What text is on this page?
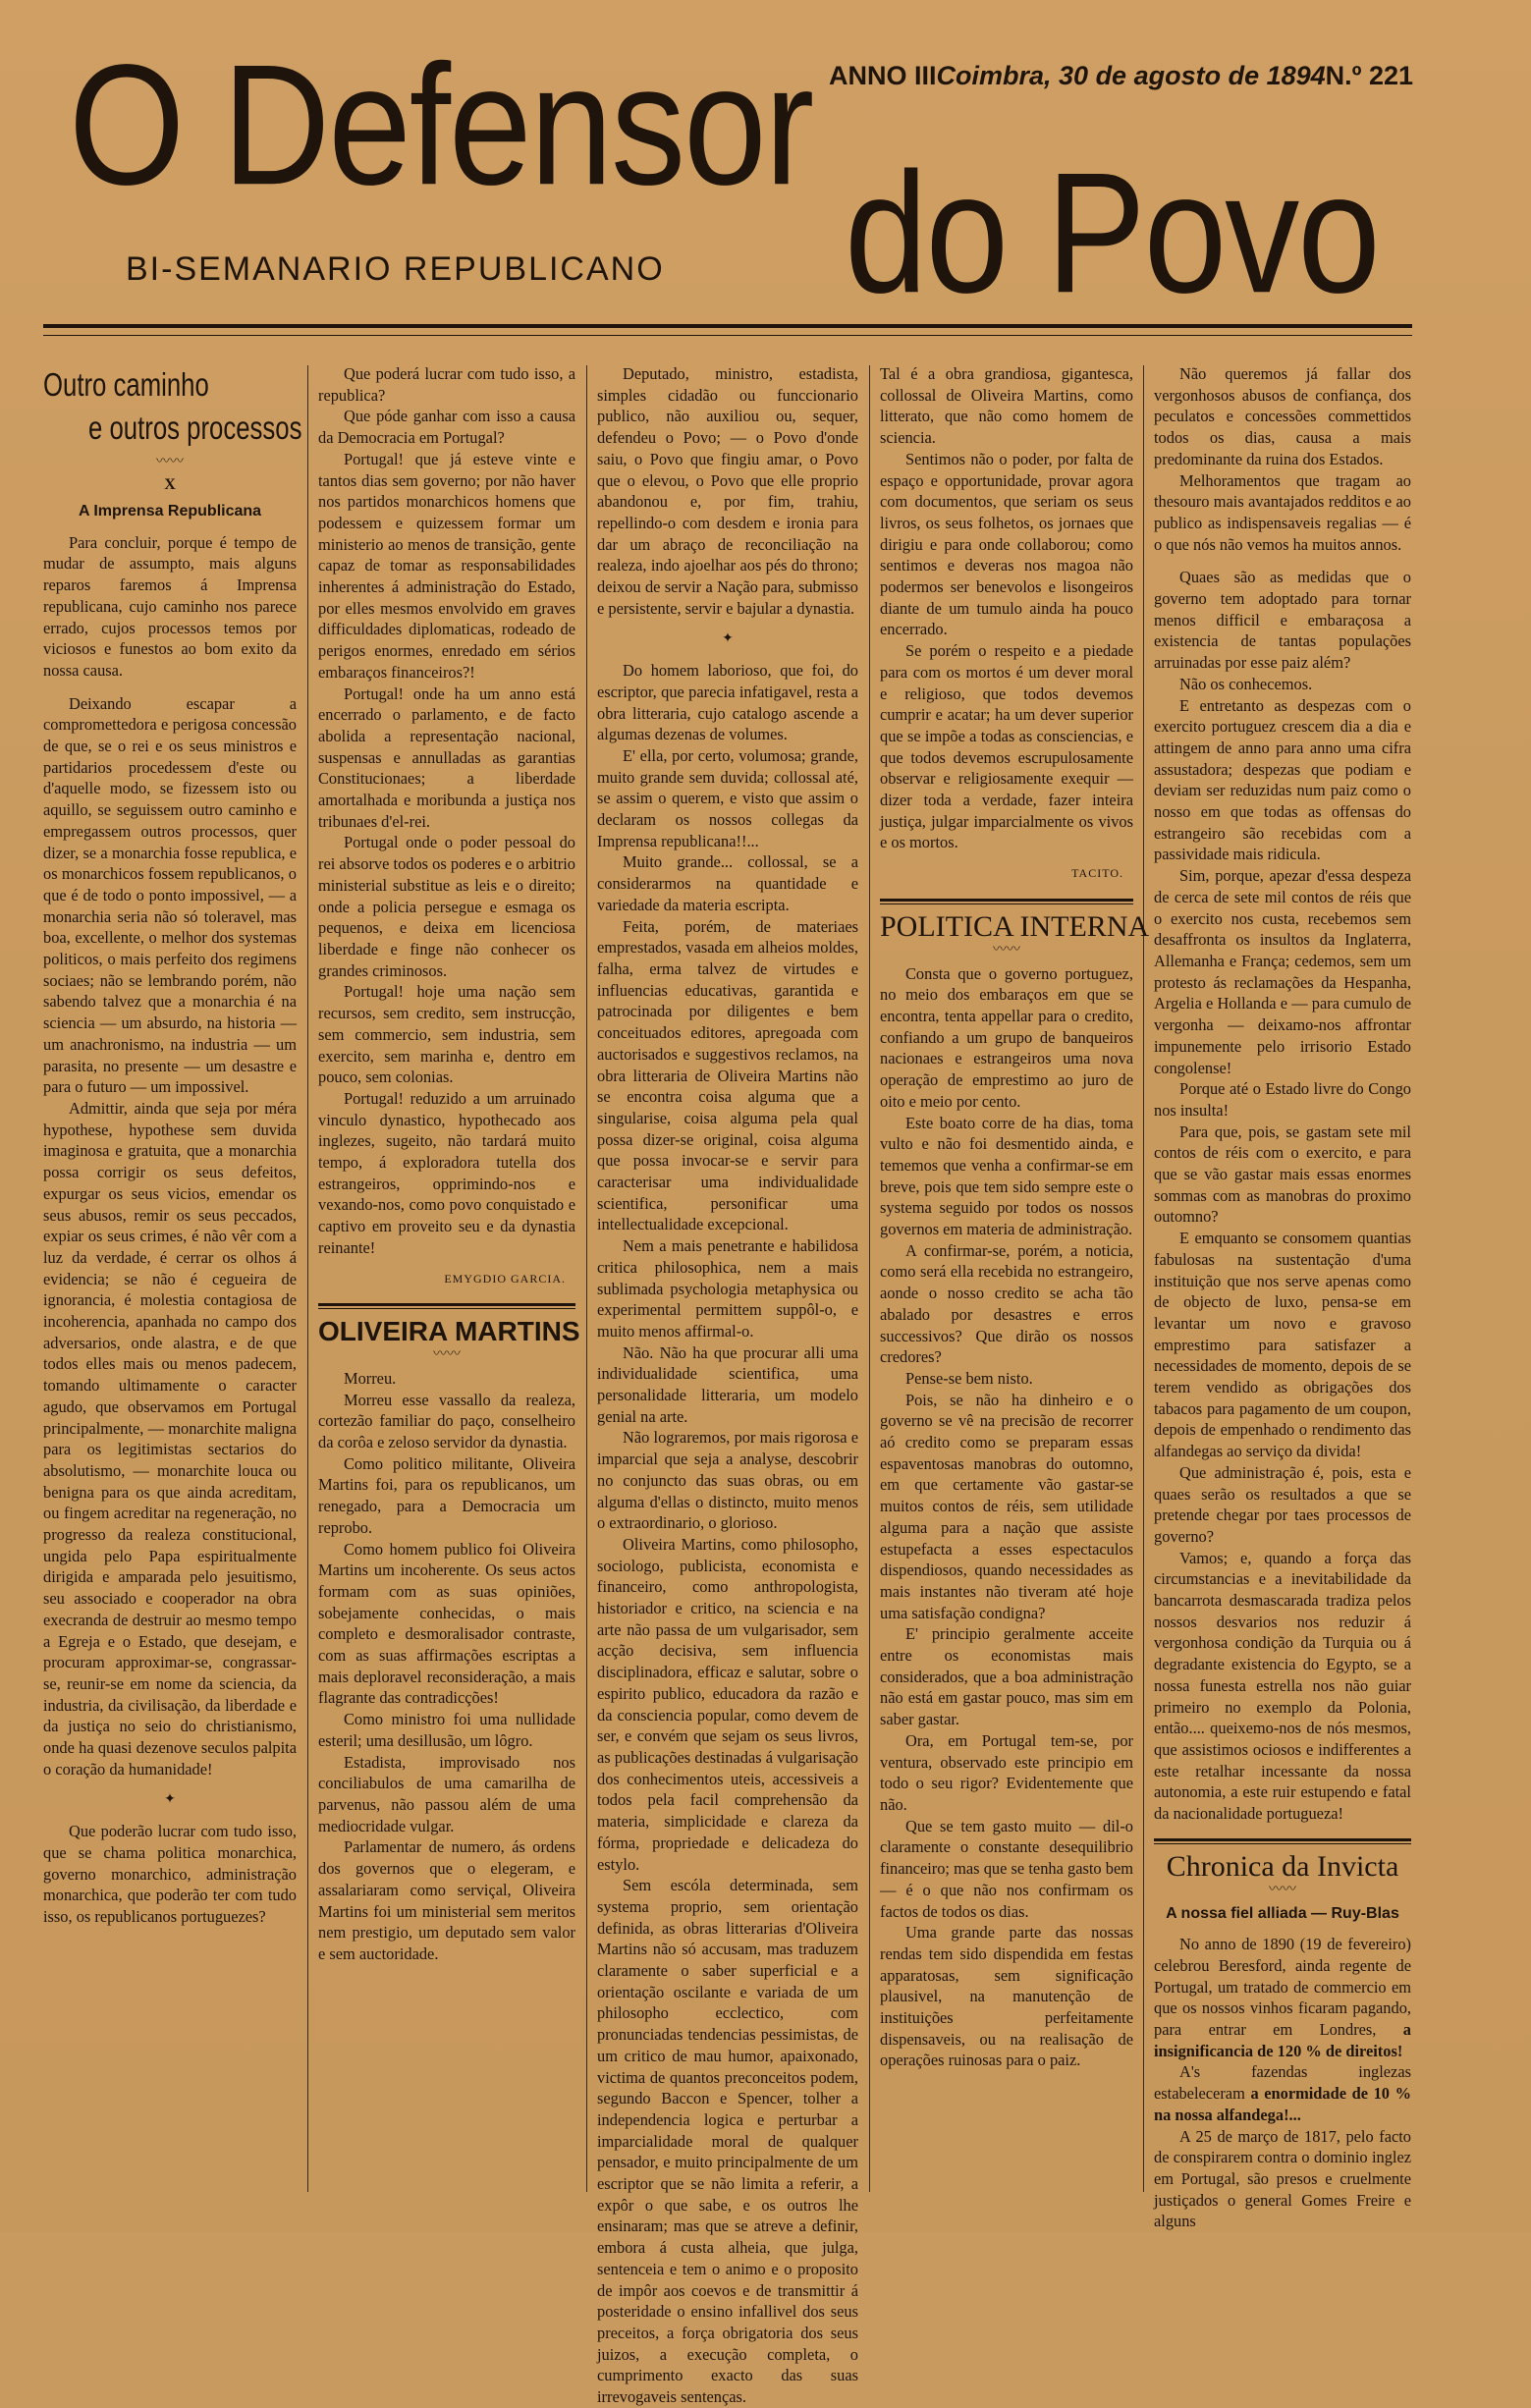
O Defensor
do Povo
BI-SEMANARIO REPUBLICANO
ANNO III Coimbra, 30 de agosto de 1894 N.º 221
Outro caminho
e outros processos
〰〰
X
A Imprensa Republicana

Para concluir, porque é tempo de mudar de assumpto, mais alguns reparos faremos á Imprensa republicana, cujo caminho nos parece errado, cujos processos temos por viciosos e funestos ao bom exito da nossa causa.

Deixando escapar a compromettedora e perigosa concessão de que, se o rei e os seus ministros e partidarios procedessem d'este ou d'aquelle modo, se fizessem isto ou aquillo, se seguissem outro caminho e empregassem outros processos, quer dizer, se a monarchia fosse republica, e os monarchicos fossem republicanos, o que é de todo o ponto impossivel, — a monarchia seria não só toleravel, mas boa, excellente, o melhor dos systemas politicos, o mais perfeito dos regimens sociaes; não se lembrando porém, não sabendo talvez que a monarchia é na sciencia — um absurdo, na historia — um anachronismo, na industria — um parasita, no presente — um desastre e para o futuro — um impossivel.

Admittir, ainda que seja por méra hypothese, hypothese sem duvida imaginosa e gratuita, que a monarchia possa corrigir os seus defeitos, expurgar os seus vicios, emendar os seus abusos, remir os seus peccados, expiar os seus crimes, é não vêr com a luz da verdade, é cerrar os olhos á evidencia; se não é cegueira de ignorancia, é molestia contagiosa de incoherencia, apanhada no campo dos adversarios, onde alastra, e de que todos elles mais ou menos padecem, tomando ultimamente o caracter agudo, que observamos em Portugal principalmente, — monarchite maligna para os legitimistas sectarios do absolutismo, — monarchite louca ou benigna para os que ainda acreditam, ou fingem acreditar na regeneração, no progresso da realeza constitucional, ungida pelo Papa espiritualmente dirigida e amparada pelo jesuitismo, seu associado e cooperador na obra execranda de destruir ao mesmo tempo a Egreja e o Estado, que desejam, e procuram approximar-se, congrassar-se, reunir-se em nome da sciencia, da industria, da civilisação, da liberdade e da justiça no seio do christianismo, onde ha quasi dezenove seculos palpita o coração da humanidade!

✦

Que poderão lucrar com tudo isso, que se chama politica monarchica, governo monarchico, administração monarchica, que poderão ter com tudo isso, os republicanos portuguezes?

Que poderá lucrar com tudo isso, a republica?

Que póde ganhar com isso a causa da Democracia em Portugal?

Portugal! que já esteve vinte e tantos dias sem governo; por não haver nos partidos monarchicos homens que podessem e quizessem formar um ministerio ao menos de transição, gente capaz de tomar as responsabilidades inherentes á administração do Estado, por elles mesmos envolvido em graves difficuldades diplomaticas, rodeado de perigos enormes, enredado em sérios embaraços financeiros?!

Portugal! onde ha um anno está encerrado o parlamento, e de facto abolida a representação nacional, suspensas e annulladas as garantias Constitucionaes; a liberdade amortalhada e moribunda a justiça nos tribunaes d'el-rei.

Portugal onde o poder pessoal do rei absorve todos os poderes e o arbitrio ministerial substitue as leis e o direito; onde a policia persegue e esmaga os pequenos, e deixa em licenciosa liberdade e finge não conhecer os grandes criminosos.

Portugal! hoje uma nação sem recursos, sem credito, sem instrucção, sem commercio, sem industria, sem exercito, sem marinha e, dentro em pouco, sem colonias.

Portugal! reduzido a um arruinado vinculo dynastico, hypothecado aos inglezes, sugeito, não tardará muito tempo, á exploradora tutella dos estrangeiros, opprimindo-nos e vexando-nos, como povo conquistado e captivo em proveito seu e da dynastia reinante!

EMYGDIO GARCIA.
OLIVEIRA MARTINS
〰〰

Morreu.

Morreu esse vassallo da realeza, cortezão familiar do paço, conselheiro da corôa e zeloso servidor da dynastia.

Como politico militante, Oliveira Martins foi, para os republicanos, um renegado, para a Democracia um reprobo.

Como homem publico foi Oliveira Martins um incoherente. Os seus actos formam com as suas opiniões, sobejamente conhecidas, o mais completo e desmoralisador contraste, com as suas affirmações escriptas a mais deploravel reconsideração, a mais flagrante das contradicções!

Como ministro foi uma nullidade esteril; uma desillusão, um lôgro.

Estadista, improvisado nos conciliabulos de uma camarilha de parvenus, não passou além de uma mediocridade vulgar.

Parlamentar de numero, ás ordens dos governos que o elegeram, e assalariaram como serviçal, Oliveira Martins foi um ministerial sem meritos nem prestigio, um deputado sem valor e sem auctoridade.

Deputado, ministro, estadista, simples cidadão ou funccionario publico, não auxiliou ou, sequer, defendeu o Povo; — o Povo d'onde saiu, o Povo que fingiu amar, o Povo que o elevou, o Povo que elle proprio abandonou e, por fim, trahiu, repellindo-o com desdem e ironia para dar um abraço de reconciliação na realeza, indo ajoelhar aos pés do throno; deixou de servir a Nação para, submisso e persistente, servir e bajular a dynastia.

✦

Do homem laborioso, que foi, do escriptor, que parecia infatigavel, resta a obra litteraria, cujo catalogo ascende a algumas dezenas de volumes.

E' ella, por certo, volumosa; grande, muito grande sem duvida; collossal até, se assim o querem, e visto que assim o declaram os nossos collegas da Imprensa republicana!!...

Muito grande... collossal, se a considerarmos na quantidade e variedade da materia escripta.

Feita, porém, de materiaes emprestados, vasada em alheios moldes, falha, erma talvez de virtudes e influencias educativas, garantida e patrocinada por diligentes e bem conceituados editores, apregoada com auctorisados e suggestivos reclamos, na obra litteraria de Oliveira Martins não se encontra coisa alguma que a singularise, coisa alguma pela qual possa dizer-se original, coisa alguma que possa invocar-se e servir para caracterisar uma individualidade scientifica, personificar uma intellectualidade excepcional.

Nem a mais penetrante e habilidosa critica philosophica, nem a mais sublimada psychologia metaphysica ou experimental permittem suppôl-o, e muito menos affirmal-o.

Não. Não ha que procurar alli uma individualidade scientifica, uma personalidade litteraria, um modelo genial na arte.

Não lograremos, por mais rigorosa e imparcial que seja a analyse, descobrir no conjuncto das suas obras, ou em alguma d'ellas o distincto, muito menos o extraordinario, o glorioso.

Oliveira Martins, como philosopho, sociologo, publicista, economista e financeiro, como anthropologista, historiador e critico, na sciencia e na arte não passa de um vulgarisador, sem acção decisiva, sem influencia disciplinadora, efficaz e salutar, sobre o espirito publico, educadora da razão e da consciencia popular, como devem de ser, e convém que sejam os seus livros, as publicações destinadas á vulgarisação dos conhecimentos uteis, accessiveis a todos pela facil comprehensão da materia, simplicidade e clareza da fórma, propriedade e delicadeza do estylo.

Sem escóla determinada, sem systema proprio, sem orientação definida, as obras litterarias d'Oliveira Martins não só accusam, mas traduzem claramente o saber superficial e a orientação oscilante e variada de um philosopho ecclectico, com pronunciadas tendencias pessimistas, de um critico de mau humor, apaixonado, victima de quantos preconceitos podem, segundo Baccon e Spencer, tolher a independencia logica e perturbar a imparcialidade moral de qualquer pensador, e muito principalmente de um escriptor que se não limita a referir, a expôr o que sabe, e os outros lhe ensinaram; mas que se atreve a definir, embora á custa alheia, que julga, sentenceia e tem o animo e o proposito de impôr aos coevos e de transmittir á posteridade o ensino infallivel dos seus preceitos, a força obrigatoria dos seus juizos, a execução completa, o cumprimento exacto das suas irrevogaveis sentenças.

Tal é a obra grandiosa, gigantesca, collossal de Oliveira Martins, como litterato, que não como homem de sciencia.

Sentimos não o poder, por falta de espaço e opportunidade, provar agora com documentos, que seriam os seus livros, os seus folhetos, os jornaes que dirigiu e para onde collaborou; como sentimos e deveras nos magoa não podermos ser benevolos e lisongeiros diante de um tumulo ainda ha pouco encerrado.

Se porém o respeito e a piedade para com os mortos é um dever moral e religioso, que todos devemos cumprir e acatar; ha um dever superior que se impõe a todas as consciencias, e que todos devemos escrupulosamente observar e religiosamente exequir — dizer toda a verdade, fazer inteira justiça, julgar imparcialmente os vivos e os mortos.

TACITO.
POLITICA INTERNA
〰〰

Consta que o governo portuguez, no meio dos embaraços em que se encontra, tenta appellar para o credito, confiando a um grupo de banqueiros nacionaes e estrangeiros uma nova operação de emprestimo ao juro de oito e meio por cento.

Este boato corre de ha dias, toma vulto e não foi desmentido ainda, e tememos que venha a confirmar-se em breve, pois que tem sido sempre este o systema seguido por todos os nossos governos em materia de administração.

A confirmar-se, porém, a noticia, como será ella recebida no estrangeiro, aonde o nosso credito se acha tão abalado por desastres e erros successivos? Que dirão os nossos credores?

Pense-se bem nisto.

Pois, se não ha dinheiro e o governo se vê na precisão de recorrer aó credito como se preparam essas espaventosas manobras do outomno, em que certamente vão gastar-se muitos contos de réis, sem utilidade alguma para a nação que assiste estupefacta a esses espectaculos dispendiosos, quando necessidades as mais instantes não tiveram até hoje uma satisfação condigna?

E' principio geralmente acceite entre os economistas mais considerados, que a boa administração não está em gastar pouco, mas sim em saber gastar.

Ora, em Portugal tem-se, por ventura, observado este principio em todo o seu rigor? Evidentemente que não.

Que se tem gasto muito — dil-o claramente o constante desequilibrio financeiro; mas que se tenha gasto bem — é o que não nos confirmam os factos de todos os dias.

Uma grande parte das nossas rendas tem sido dispendida em festas apparatosas, sem significação plausivel, na manutenção de instituições perfeitamente dispensaveis, ou na realisação de operações ruinosas para o paiz.

Não queremos já fallar dos vergonhosos abusos de confiança, dos peculatos e concessões commettidos todos os dias, causa a mais predominante da ruina dos Estados.

Melhoramentos que tragam ao thesouro mais avantajados redditos e ao publico as indispensaveis regalias — é o que nós não vemos ha muitos annos.

Quaes são as medidas que o governo tem adoptado para tornar menos difficil e embaraçosa a existencia de tantas populações arruinadas por esse paiz além?

Não os conhecemos.

E entretanto as despezas com o exercito portuguez crescem dia a dia e attingem de anno para anno uma cifra assustadora; despezas que podiam e deviam ser reduzidas num paiz como o nosso em que todas as offensas do estrangeiro são recebidas com a passividade mais ridicula.

Sim, porque, apezar d'essa despeza de cerca de sete mil contos de réis que o exercito nos custa, recebemos sem desaffronta os insultos da Inglaterra, Allemanha e França; cedemos, sem um protesto ás reclamações da Hespanha, Argelia e Hollanda e — para cumulo de vergonha — deixamo-nos affrontar impunemente pelo irrisorio Estado congolense!

Porque até o Estado livre do Congo nos insulta!

Para que, pois, se gastam sete mil contos de réis com o exercito, e para que se vão gastar mais essas enormes sommas com as manobras do proximo outomno?

E emquanto se consomem quantias fabulosas na sustentação d'uma instituição que nos serve apenas como de objecto de luxo, pensa-se em levantar um novo e gravoso emprestimo para satisfazer a necessidades de momento, depois de se terem vendido as obrigações dos tabacos para pagamento de um coupon, depois de empenhado o rendimento das alfandegas ao serviço da divida!

Que administração é, pois, esta e quaes serão os resultados a que se pretende chegar por taes processos de governo?

Vamos; e, quando a força das circumstancias e a inevitabilidade da bancarrota desmascarada tradiza pelos nossos desvarios nos reduzir á vergonhosa condição da Turquia ou á degradante existencia do Egypto, se a nossa funesta estrella nos não guiar primeiro no exemplo da Polonia, então.... queixemo-nos de nós mesmos, que assistimos ociosos e indifferentes a este retalhar incessante da nossa autonomia, a este ruir estupendo e fatal da nacionalidade portugueza!

Chronica da Invicta
〰〰
A nossa fiel alliada — Ruy-Blas

No anno de 1890 (19 de fevereiro) celebrou Beresford, ainda regente de Portugal, um tratado de commercio em que os nossos vinhos ficaram pagando, para entrar em Londres, a insignificancia de 120 % de direitos!

A's fazendas inglezas estabeleceram a enormidade de 10 % na nossa alfandega!...

A 25 de março de 1817, pelo facto de conspirarem contra o dominio inglez em Portugal, são presos e cruelmente justiçados o general Gomes Freire e alguns
